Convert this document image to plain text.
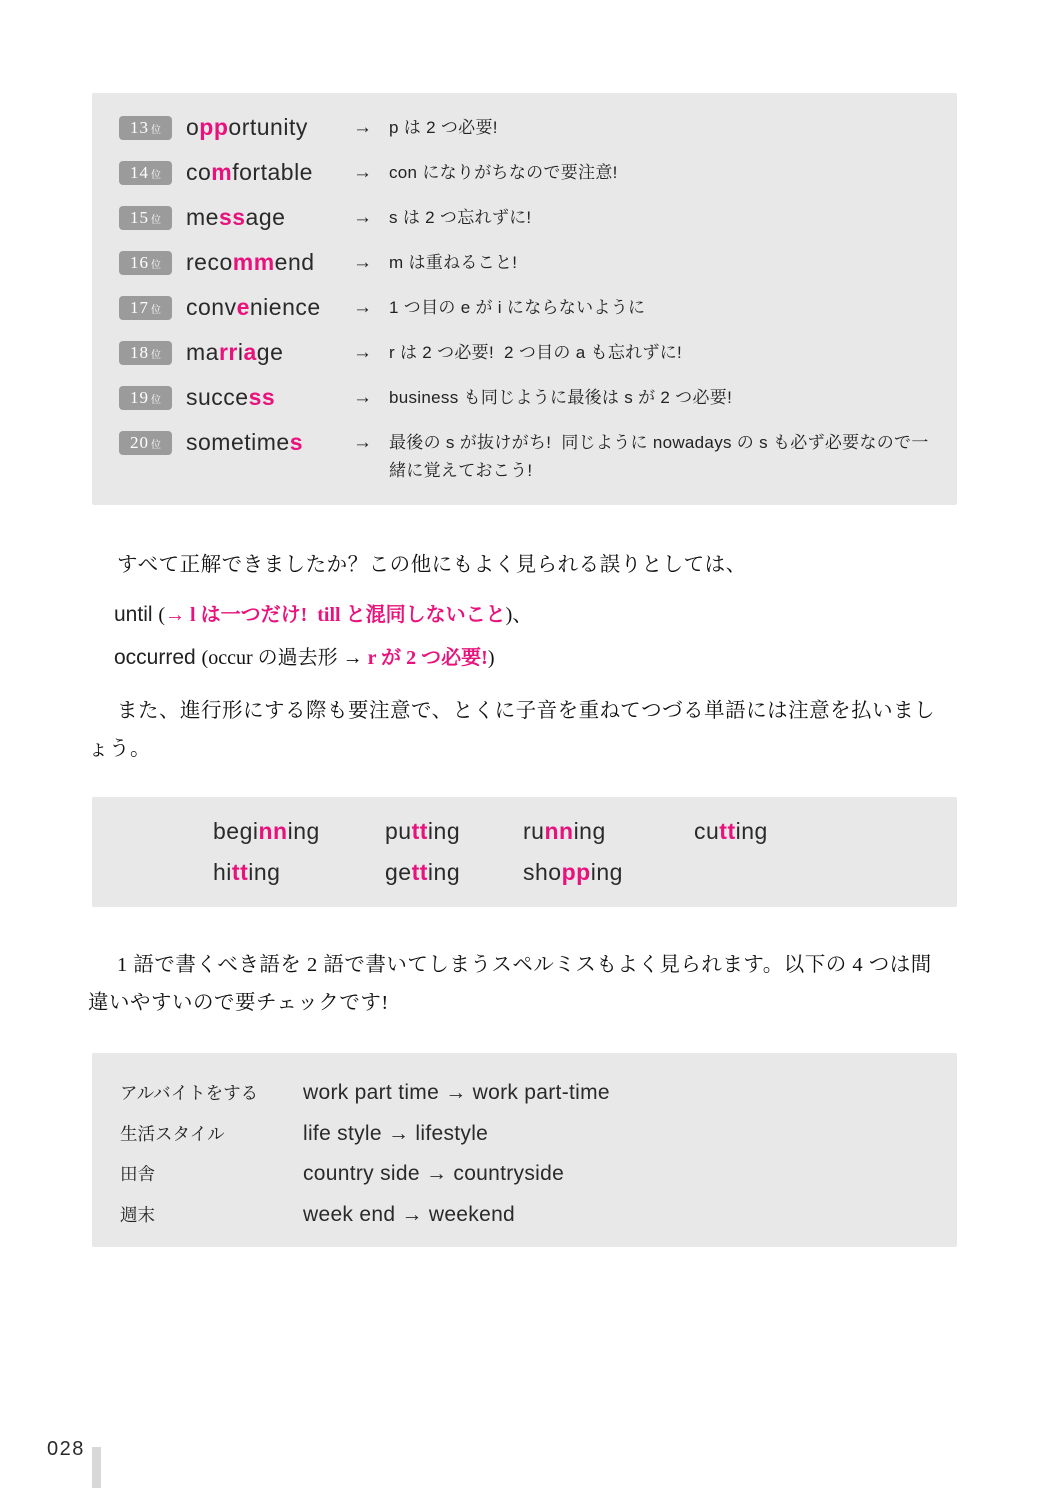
13 位 opportunity	→	p は 2 つ必要!
14 位 comfortable	→	con になりがちなので要注意!
15 位 message	→	s は 2 つ忘れずに!
16 位 recommend	→	m は重ねること!
17 位 convenience	→	1 つ目の e が i にならないように
18 位 marriage	→	r は 2 つ必要!  2 つ目の a も忘れずに!
19 位 success	→	business も同じように最後は s が 2 つ必要!
20 位 sometimes	→	最後の s が抜けがち!  同じように nowadays の s も必ず必要なので一緒に覚えておこう!

すべて正解できましたか？この他にもよく見られる誤りとしては、

until (→ l は一つだけ!  till と混同しないこと)、

occurred (occur の過去形 → r が 2 つ必要!)

また、進行形にする際も要注意で、とくに子音を重ねてつづる単語には注意を払いましょう。

beginning	putting	running	cutting
hitting	getting	shopping

1 語で書くべき語を 2 語で書いてしまうスペルミスもよく見られます。以下の 4 つは間違いやすいので要チェックです!

アルバイトをする	work part time → work part-time
生活スタイル	life style → lifestyle
田舎	country side → countryside
週末	week end → weekend
028
